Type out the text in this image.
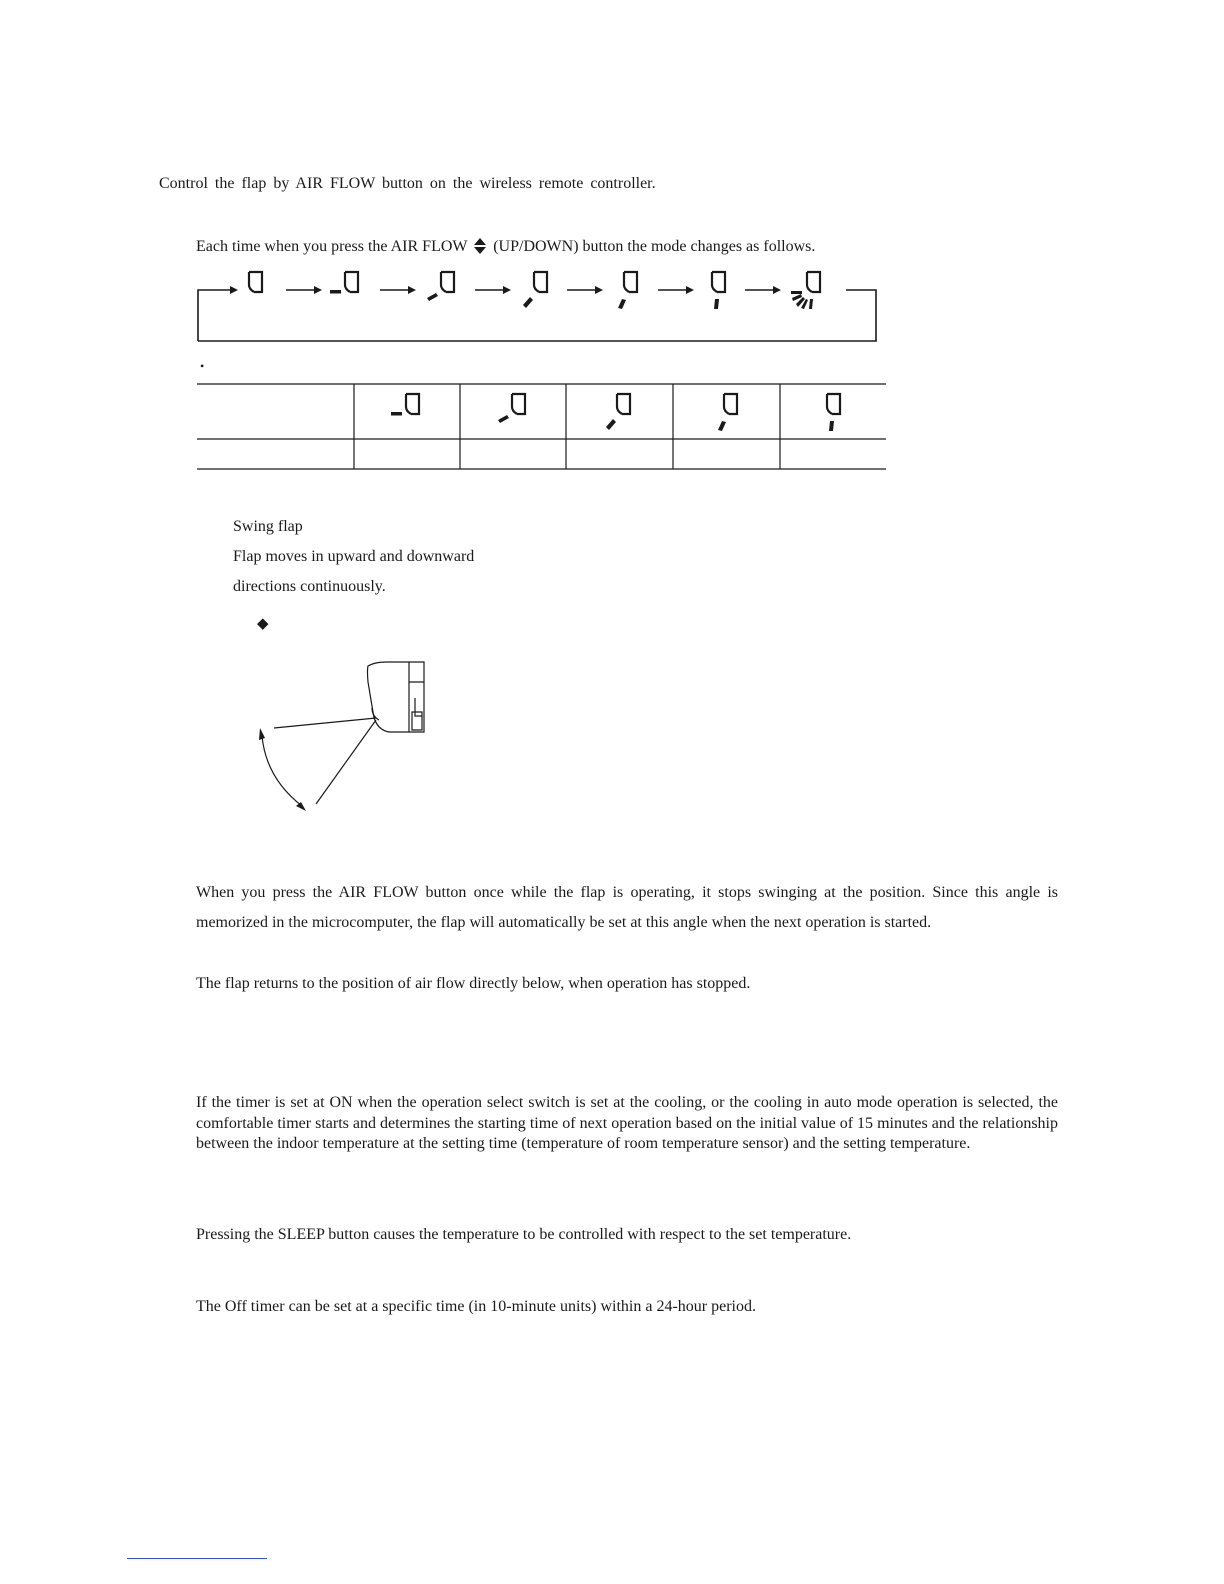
Control the flap by AIR FLOW button on the wireless remote controller.

Each time when you press the AIR FLOW (UP/DOWN) button the mode changes as follows.

•

Swing flap

Flap moves in upward and downward

directions continuously.

◆

When you press the AIR FLOW button once while the flap is operating, it stops swinging at the position. Since this angle is memorized in the microcomputer, the flap will automatically be set at this angle when the next operation is started.

The flap returns to the position of air flow directly below, when operation has stopped.

If the timer is set at ON when the operation select switch is set at the cooling, or the cooling in auto mode operation is selected, the comfortable timer starts and determines the starting time of next operation based on the initial value of 15 minutes and the relationship between the indoor temperature at the setting time (temperature of room temperature sensor) and the setting temperature.

Pressing the SLEEP button causes the temperature to be controlled with respect to the set temperature.

The Off timer can be set at a specific time (in 10-minute units) within a 24-hour period.
